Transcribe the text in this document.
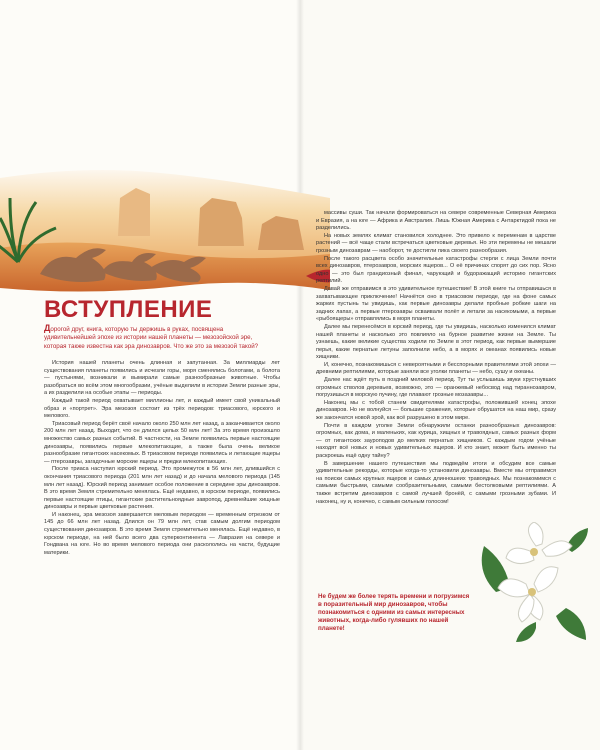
ВСТУПЛЕНИЕ

Дорогой друг, книга, которую ты держишь в руках, посвящена удивительнейшей эпохе из истории нашей планеты — мезозойской эре, которая также известна как эра динозавров. Что же это за мезозой такой?

История нашей планеты очень длинная и запутанная. За миллиарды лет существования планеты появились и исчезли горы, моря сменялись болотами, а болота — пустынями, возникали и вымирали самые разнообразные животные. Чтобы разобраться во всём этом многообразии, учёные выделили в истории Земли разные эры, а их разделили на особые этапы — периоды.

Каждый такой период охватывает миллионы лет, и каждый имеет свой уникальный образ и «портрет». Эра мезозоя состоит из трёх периодов: триасового, юрского и мелового.

Триасовый период берёт своё начало около 250 млн лет назад, а заканчивается около 200 млн лет назад. Выходит, что он длился целых 50 млн лет! За это время произошло множество самых разных событий. В частности, на Земле появились первые настоящие динозавры, появились первые млекопитающие, а также была очень великое разнообразие гигантских насекомых. В триасовом периоде появились и летающие ящеры — птерозавры, загадочные морские ящеры и предки млекопитающих.

После триаса наступил юрский период. Это промежуток в 56 млн лет, длившийся с окончания триасового периода (201 млн лет назад) и до начала мелового периода (145 млн лет назад). Юрский период занимает особое положение в середине эры динозавров. В это время Земля стремительно менялась. Ещё недавно, в юрском периоде, появились первые настоящие птицы, гигантские растительноядные завропод, древнейшие хищные динозавры и первые цветковые растения.

И наконец, эра мезозоя завершается меловым периодом — временным отрезком от 145 до 66 млн лет назад. Длился он 79 млн лет, став самым долгим периодом существования динозавров. В это время Земля стремительно менялась. Ещё недавно, в юрском периоде, на ней было всего два суперконтинента — Лавразия на севере и Гондвана на юге. Но во время мелового периода они раскололись на части, будущие материки.

массивы суши. Так начали формироваться на севере современные Северная Америка и Евразия, а на юге — Африка и Австралия. Лишь Южная Америка с Антарктидой пока не разделились.

На новых землях климат становился холоднее. Это привело к переменам в царстве растений — всё чаще стали встречаться цветковые деревья. Но эти перемены не мешали грозным динозаврам — наоборот, те достигли пика своего разнообразия.

После такого расцвета особо значительные катастрофы стерли с лица Земли почти всех динозавров, птерозавров, морских ящеров... О её причинах спорят до сих пор. Ясно одно — это был грандиозный финал, чарующий и будоражащий историю гигантских рептилий.

Давай же отправимся в это удивительное путешествие! В этой книге ты отправишься в захватывающее приключение! Начнётся оно в триасовом периоде, где на фоне самых жарких пустынь ты увидишь, как первые динозавры делали пробные робкие шаги на задних лапах, а первые птерозавры осваивали полёт и летали за насекомыми, а первые «рыбоящеры» отправлялись в моря планеты.

Далее мы перенесёмся в юрский период, где ты увидишь, насколько изменился климат нашей планеты и насколько это повлияло на бурное развитие жизни на Земле. Ты узнаешь, какие великие существа ходили по Земле в этот период, как первые вымершие перья, какие пернатые летуны заполнили небо, а в морях и океанах появились новые хищники.

И, конечно, познакомишься с невероятными и бесспорными правителями этой эпохи — древними рептилиями, которые заняли все уголки планеты — небо, сушу и океаны.

Далее нас ждёт путь в поздний меловой период. Тут ты услышишь звуки хрустнувших огромных стволов деревьев, возможно, это — оранжевый небосвод над тираннозавром, погрузишься в морскую пучину, где плавают грозные мозазавры...

Наконец мы с тобой станем свидетелями катастрофы, положившей конец эпохе динозавров. Но не волнуйся — большие сражения, которые обрушатся на наш мир, сразу же закончатся новой эрой, как всё разрушено в этом мире.

Почти в каждом уголке Земли обнаружили останки разнообразных динозавров: огромных, как дома, и маленьких, как курица, хищных и травоядных, самых разных форм — от гигантских зауроподов до мелких пернатых хищников. С каждым годом учёные находят всё новых и новых удивительных ящеров. И кто знает, может быть именно ты раскроешь ещё одну тайну?

В завершение нашего путешествия мы подведём итоги и обсудим все самые удивительные рекорды, которые когда-то установили динозавры. Вместе мы отправимся на поиски самых крупных ящеров и самых длинношеих травоядных. Мы познакомимся с самыми быстрыми, самыми сообразительными, самыми бестолковыми рептилиями. А также встретим динозавров с самой лучшей бронёй, с самыми грозными зубами. И наконец, ну и, конечно, с самым сильным голосом!

Не будем же более терять времени и погрузимся в поразительный мир динозавров, чтобы познакомиться с одними из самых интересных животных, когда-либо гулявших по нашей планете!
